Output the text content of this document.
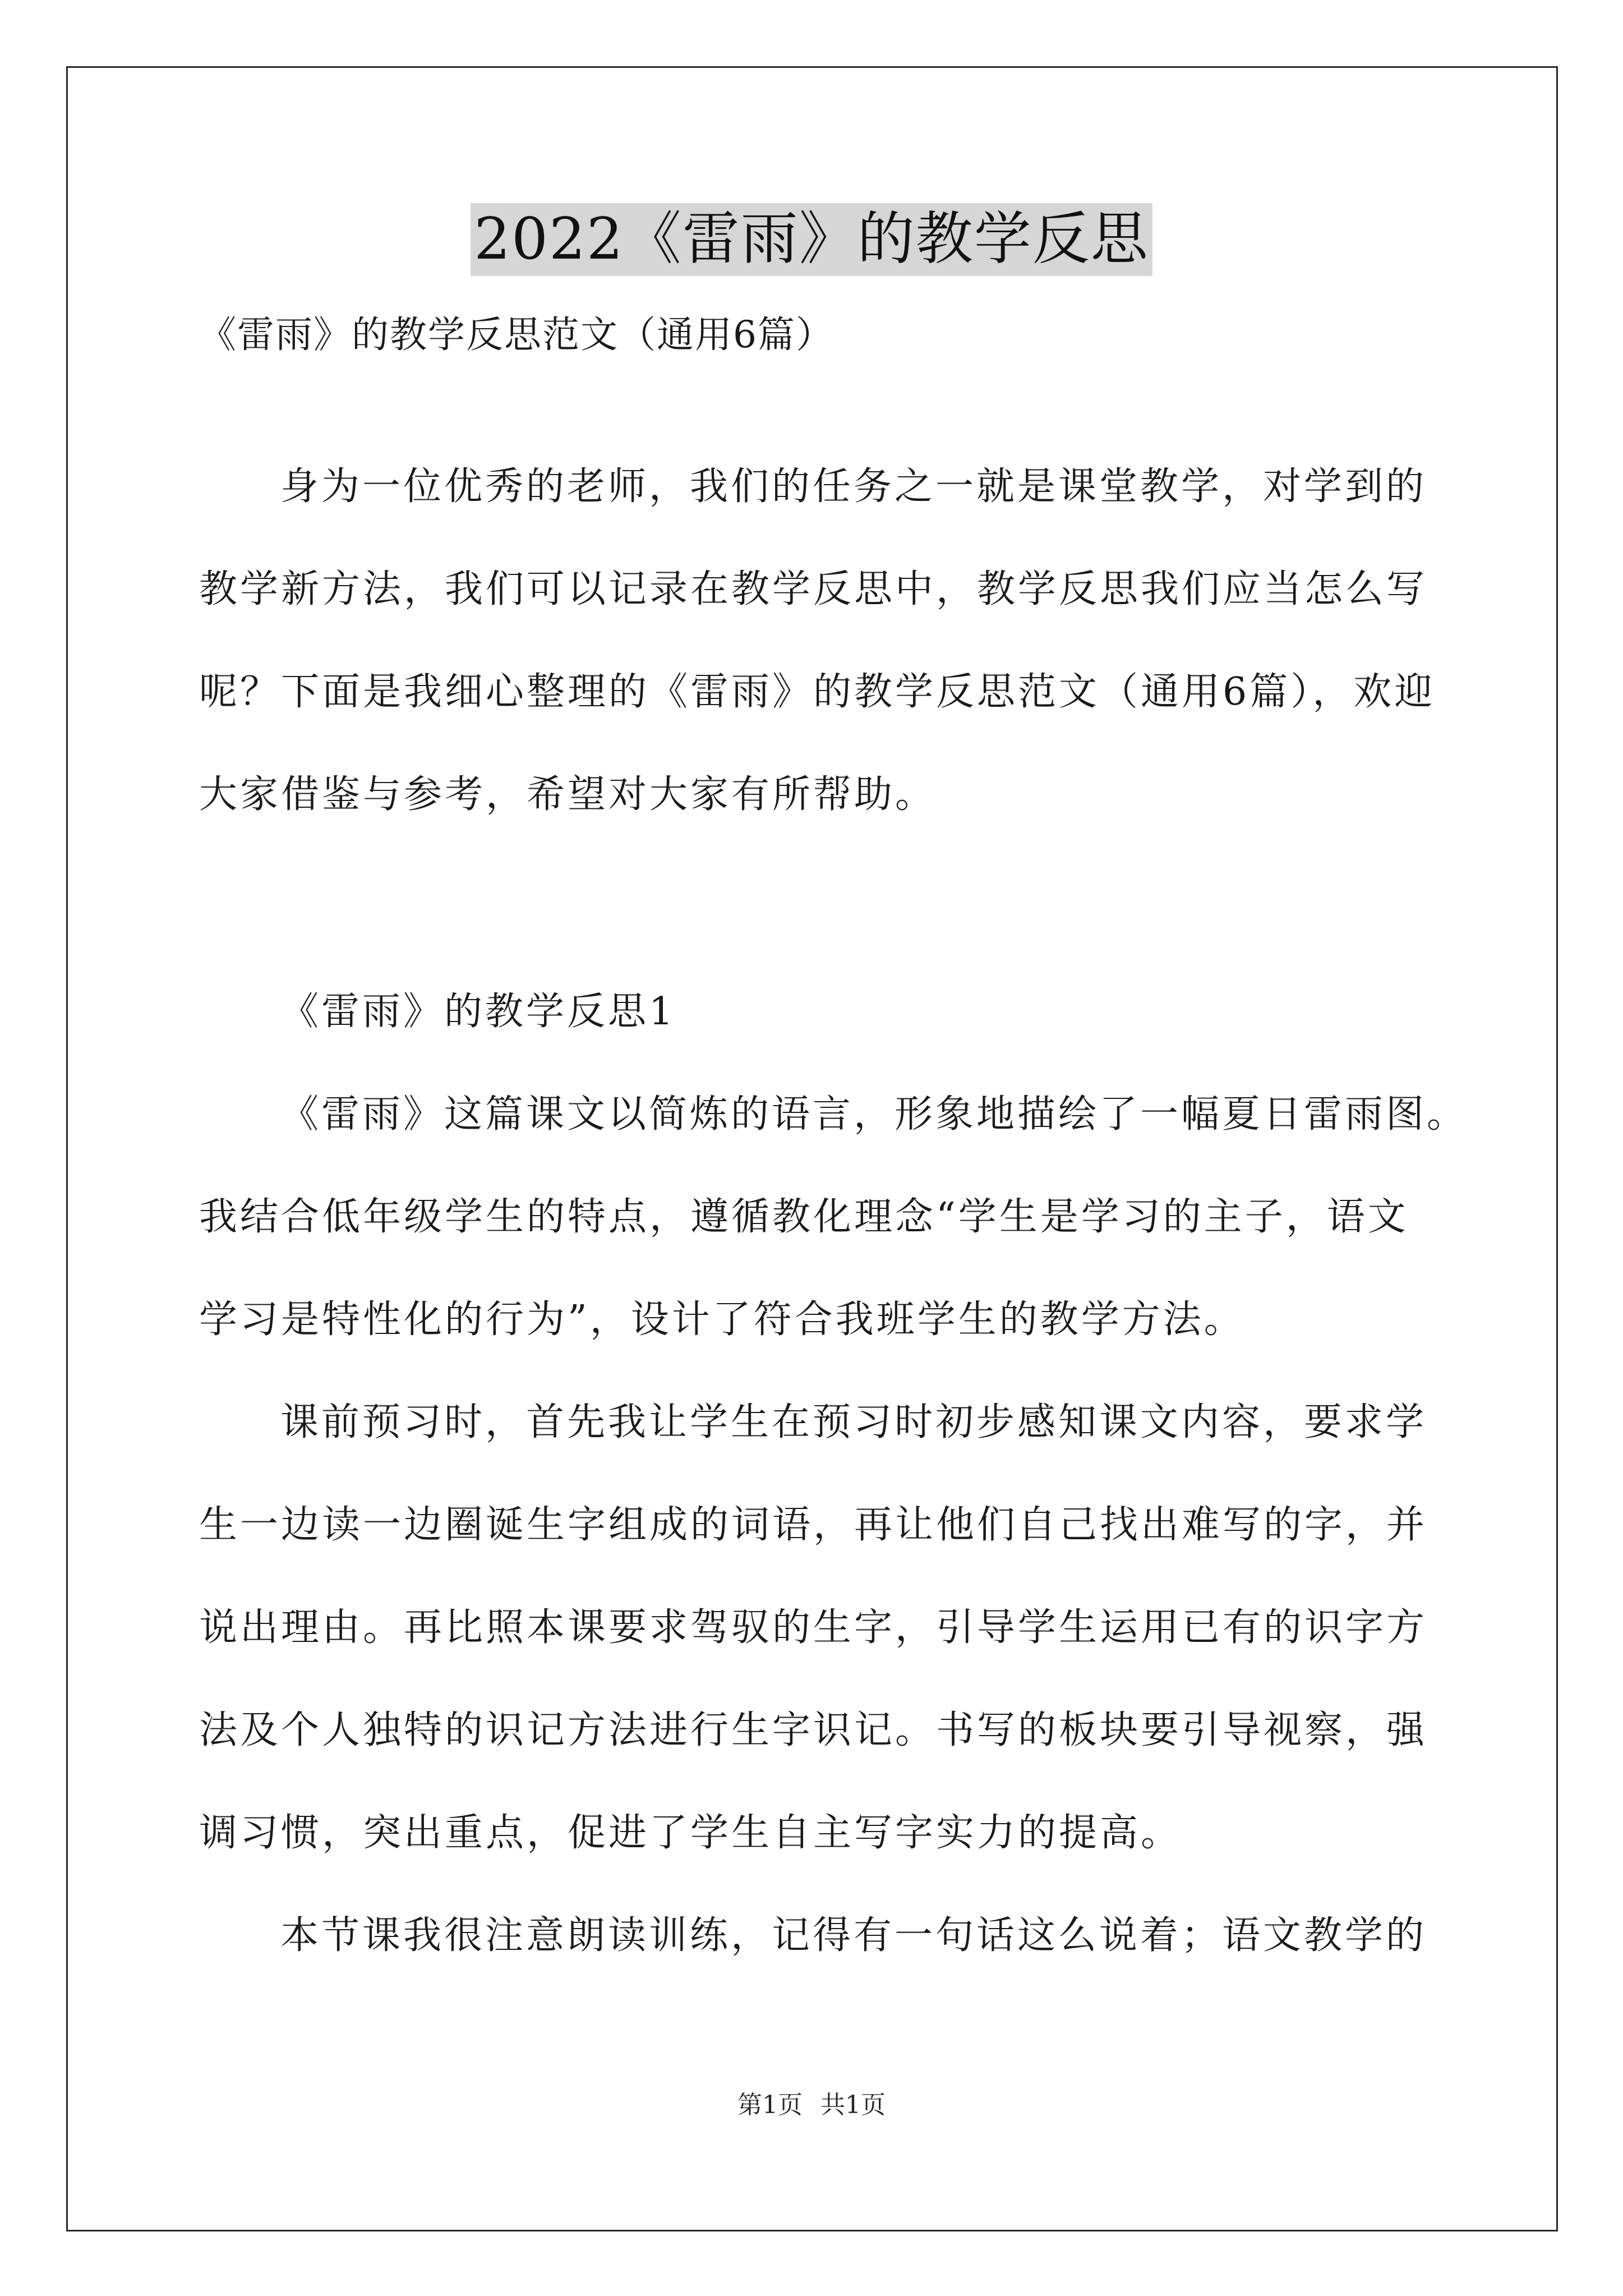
2022《雷雨》的教学反思
《雷雨》的教学反思范文（通用6篇）
身为一位优秀的老师，我们的任务之一就是课堂教学，对学到的
教学新方法，我们可以记录在教学反思中，教学反思我们应当怎么写
呢？下面是我细心整理的《雷雨》的教学反思范文（通用6篇），欢迎
大家借鉴与参考，希望对大家有所帮助。
《雷雨》的教学反思1
《雷雨》这篇课文以简炼的语言，形象地描绘了一幅夏日雷雨图。
我结合低年级学生的特点，遵循教化理念“学生是学习的主子，语文
学习是特性化的行为”，设计了符合我班学生的教学方法。
课前预习时，首先我让学生在预习时初步感知课文内容，要求学
生一边读一边圈诞生字组成的词语，再让他们自己找出难写的字，并
说出理由。再比照本课要求驾驭的生字，引导学生运用已有的识字方
法及个人独特的识记方法进行生字识记。书写的板块要引导视察，强
调习惯，突出重点，促进了学生自主写字实力的提高。
本节课我很注意朗读训练，记得有一句话这么说着；语文教学的
第1页 共1页
